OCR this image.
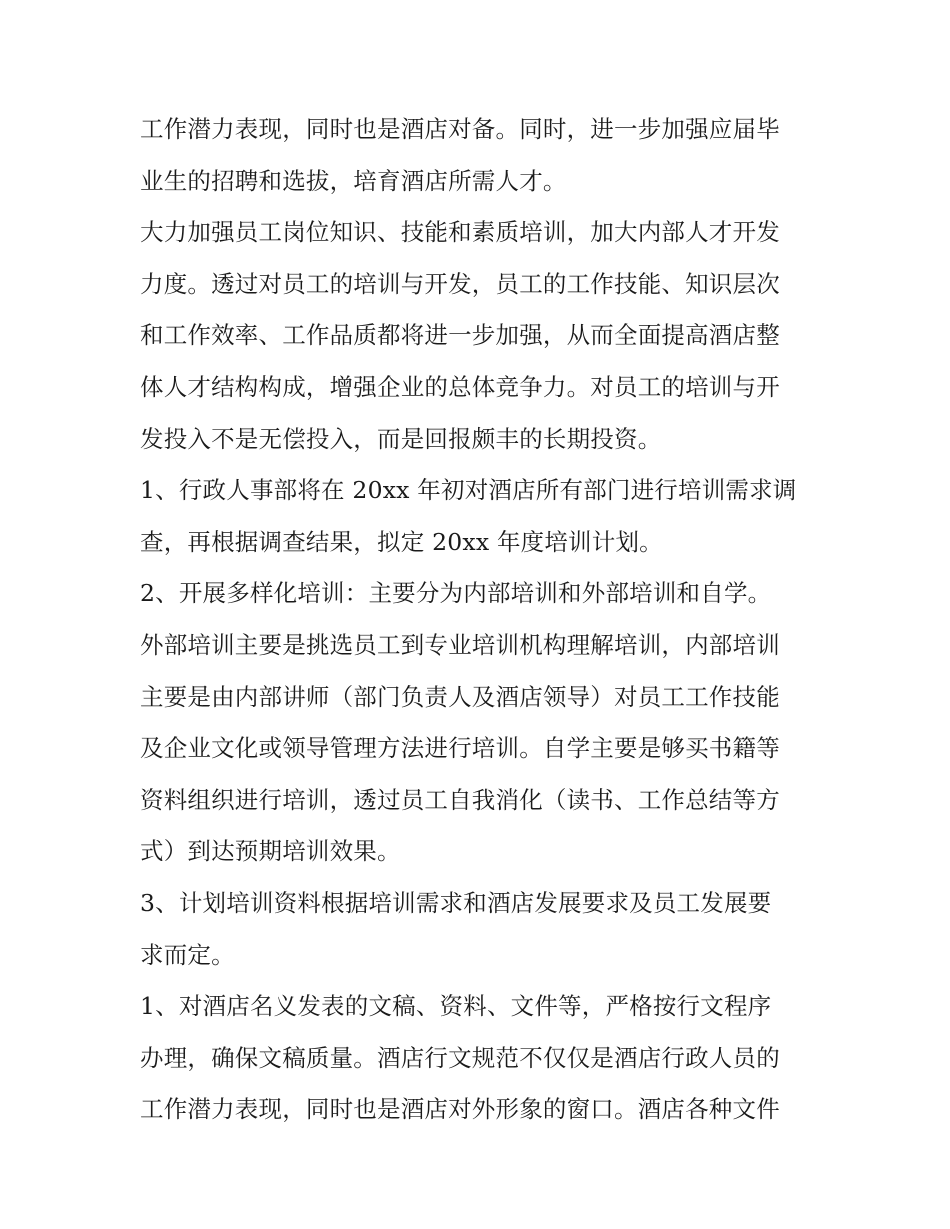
工作潜力表现，同时也是酒店对备。同时，进一步加强应届毕
业生的招聘和选拔，培育酒店所需人才。
大力加强员工岗位知识、技能和素质培训，加大内部人才开发
力度。透过对员工的培训与开发，员工的工作技能、知识层次
和工作效率、工作品质都将进一步加强，从而全面提高酒店整
体人才结构构成，增强企业的总体竞争力。对员工的培训与开
发投入不是无偿投入，而是回报颇丰的长期投资。
1、行政人事部将在 20xx 年初对酒店所有部门进行培训需求调
查，再根据调查结果，拟定 20xx 年度培训计划。
2、开展多样化培训：主要分为内部培训和外部培训和自学。
外部培训主要是挑选员工到专业培训机构理解培训，内部培训
主要是由内部讲师（部门负责人及酒店领导）对员工工作技能
及企业文化或领导管理方法进行培训。自学主要是够买书籍等
资料组织进行培训，透过员工自我消化（读书、工作总结等方
式）到达预期培训效果。
3、计划培训资料根据培训需求和酒店发展要求及员工发展要
求而定。
1、对酒店名义发表的文稿、资料、文件等，严格按行文程序
办理，确保文稿质量。酒店行文规范不仅仅是酒店行政人员的
工作潜力表现，同时也是酒店对外形象的窗口。酒店各种文件
